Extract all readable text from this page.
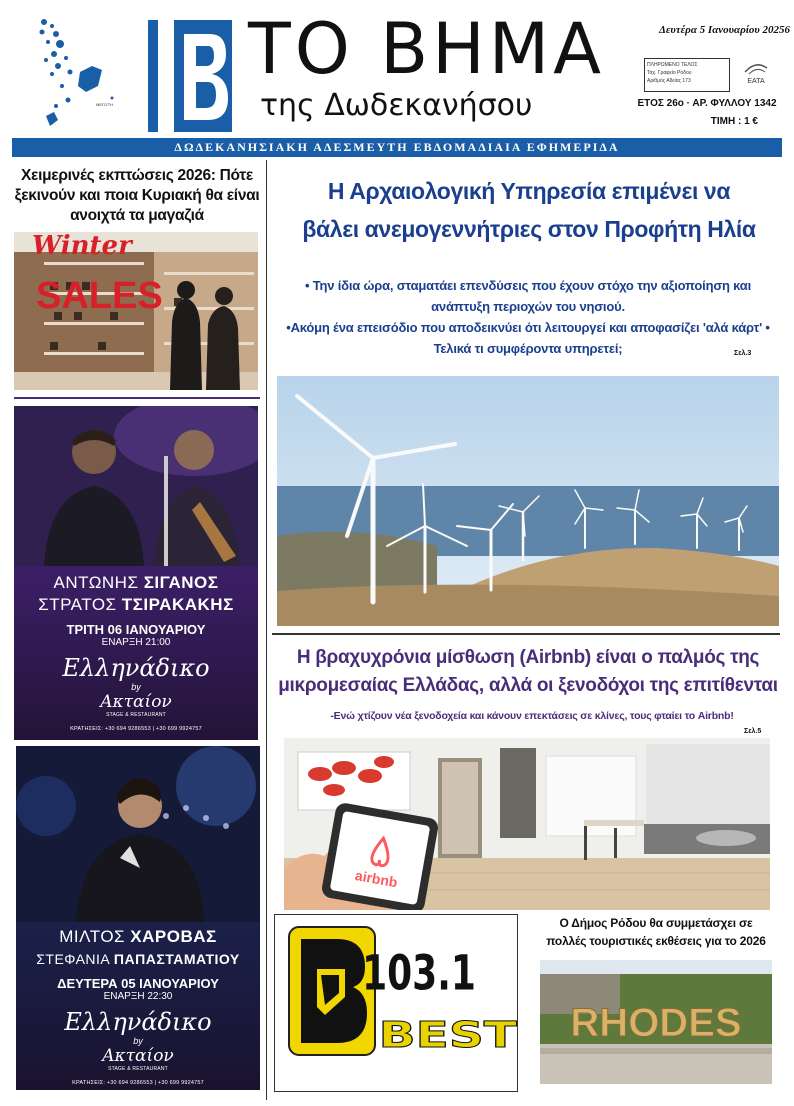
ΜΕΓΙΣΤΗ
ΤΟ ΒΗΜΑ
της Δωδεκανήσου
Δευτέρα 5 Ιανουαρίου 20256
ΠΛΗΡΩΜΕΝΟ ΤΕΛΟΣ
Ταχ. Γραφείο Ρόδου
Αριθμός Αδείας 173	ΕΑΤΑ
ΕΤΟΣ 26ο · ΑΡ. ΦΥΛΛΟΥ 1342
ΤΙΜΗ : 1 €
ΔΩΔΕΚΑΝΗΣΙΑΚΗ ΑΔΕΣΜΕΥΤΗ ΕΒΔΟΜΑΔΙΑΙΑ ΕΦΗΜΕΡΙΔΑ
Χειμερινές εκπτώσεις 2026: Πότε ξεκινούν και ποια Κυριακή θα είναι ανοιχτά τα μαγαζιά
Winter
SALES
ΑΝΤΩΝΗΣ ΣΙΓΑΝΟΣ
ΣΤΡΑΤΟΣ ΤΣΙΡΑΚΑΚΗΣ
ΤΡΙΤΗ 06 ΙΑΝΟΥΑΡΙΟΥ
ΕΝΑΡΞΗ 21:00
Ελληνάδικο
by
Ακταίον
STAGE & RESTAURANT
ΚΡΑΤΗΣΕΙΣ: +30 694 9286553 | +30 699 9924757
ΜΙΛΤΟΣ ΧΑΡΟΒΑΣ
ΣΤΕΦΑΝΙΑ ΠΑΠΑΣΤΑΜΑΤΙΟΥ
ΔΕΥΤΕΡΑ 05 ΙΑΝΟΥΑΡΙΟΥ
ΕΝΑΡΞΗ 22:30
Ελληνάδικο
by
Ακταίον
STAGE & RESTAURANT
ΚΡΑΤΗΣΕΙΣ: +30 694 9286553 | +30 699 9924757
Η Αρχαιολογική Υπηρεσία επιμένει να
βάλει ανεμογεννήτριες στον Προφήτη Ηλία
• Την ίδια ώρα, σταματάει επενδύσεις που έχουν στόχο την αξιοποίηση και ανάπτυξη περιοχών του νησιού.
•Ακόμη ένα επεισόδιο που αποδεικνύει ότι λειτουργεί και αποφασίζει 'αλά κάρτ' • Τελικά τι συμφέροντα υπηρετεί;	Σελ.3
Η βραχυχρόνια μίσθωση (Airbnb) είναι ο παλμός της μικρομεσαίας Ελλάδας, αλλά οι ξενοδόχοι της επιτίθενται
-Ενώ χτίζουν νέα ξενοδοχεία και κάνουν επεκτάσεις σε κλίνες, τους φταίει το Airbnb!
Σελ.5
airbnb
103.1
BEST
Ο Δήμος Ρόδου θα συμμετάσχει σε πολλές τουριστικές εκθέσεις για το 2026
RHODES
